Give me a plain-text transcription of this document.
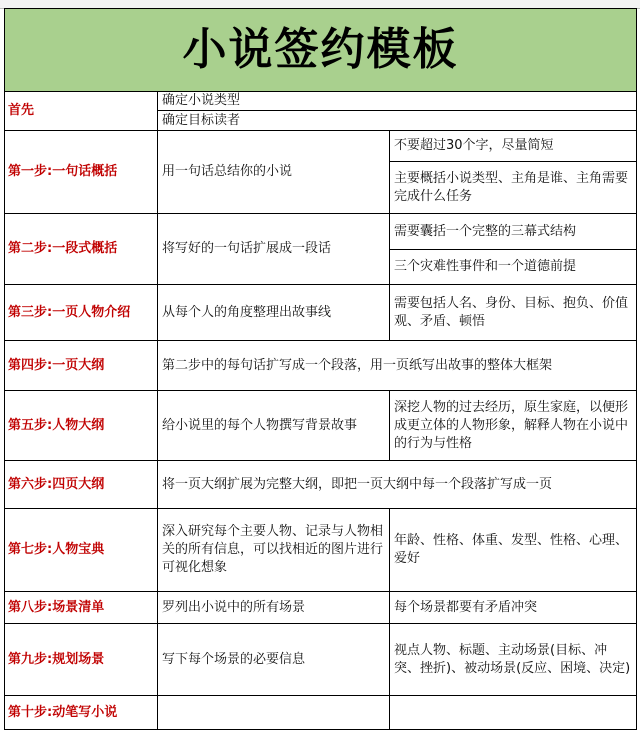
小说签约模板		
首先	确定小说类型	
	确定目标读者	
第一步:一句话概括	用一句话总结你的小说	不要超过30个字，尽量简短
		主要概括小说类型、主角是谁、主角需要完成什么任务
第二步:一段式概括	将写好的一句话扩展成一段话	需要囊括一个完整的三幕式结构
		三个灾难性事件和一个道德前提
第三步:一页人物介绍	从每个人的角度整理出故事线	需要包括人名、身份、目标、抱负、价值观、矛盾、顿悟
第四步:一页大纲	第二步中的每句话扩写成一个段落，用一页纸写出故事的整体大框架	
第五步:人物大纲	给小说里的每个人物撰写背景故事	深挖人物的过去经历，原生家庭，以便形成更立体的人物形象，解释人物在小说中的行为与性格
第六步:四页大纲	将一页大纲扩展为完整大纲，即把一页大纲中每一个段落扩写成一页	
第七步:人物宝典	深入研究每个主要人物、记录与人物相关的所有信息，可以找相近的图片进行可视化想象	年龄、性格、体重、发型、性格、心理、爱好
第八步:场景清单	罗列出小说中的所有场景	每个场景都要有矛盾冲突
第九步:规划场景	写下每个场景的必要信息	视点人物、标题、主动场景(目标、冲突、挫折)、被动场景(反应、困境、决定)
第十步:动笔写小说		
